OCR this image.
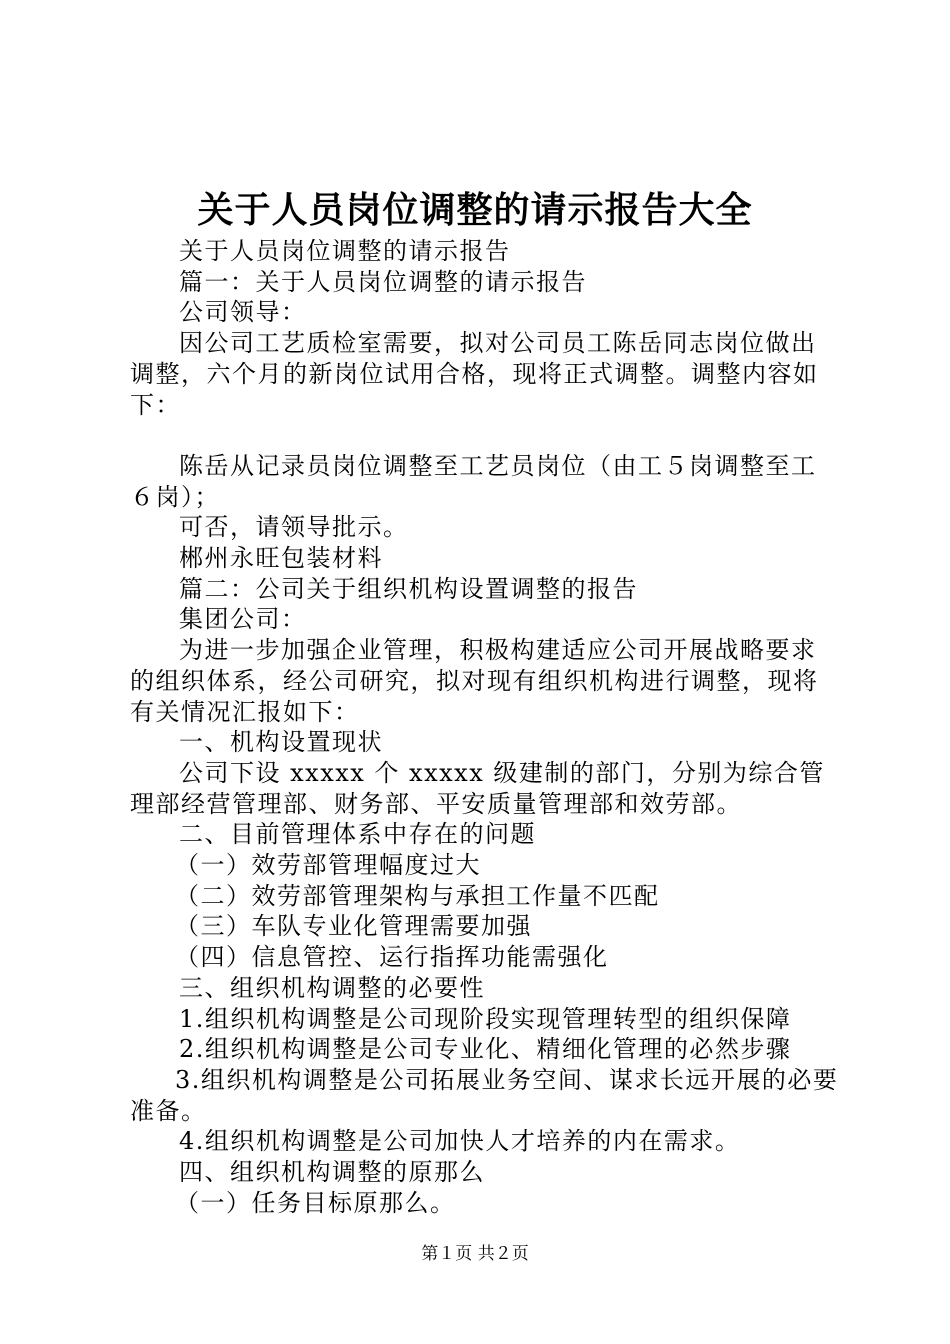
关于人员岗位调整的请示报告大全

关于人员岗位调整的请示报告

篇一：关于人员岗位调整的请示报告

公司领导：

因公司工艺质检室需要，拟对公司员工陈岳同志岗位做出调整，六个月的新岗位试用合格，现将正式调整。调整内容如下：

陈岳从记录员岗位调整至工艺员岗位（由工５岗调整至工６岗）；

可否，请领导批示。

郴州永旺包装材料

篇二：公司关于组织机构设置调整的报告

集团公司：

为进一步加强企业管理，积极构建适应公司开展战略要求的组织体系，经公司研究，拟对现有组织机构进行调整，现将有关情况汇报如下：

一、机构设置现状

公司下设 xxxxx 个 xxxxx 级建制的部门，分别为综合管理部经营管理部、财务部、平安质量管理部和效劳部。

二、目前管理体系中存在的问题

（一）效劳部管理幅度过大

（二）效劳部管理架构与承担工作量不匹配

（三）车队专业化管理需要加强

（四）信息管控、运行指挥功能需强化

三、组织机构调整的必要性

1.组织机构调整是公司现阶段实现管理转型的组织保障

2.组织机构调整是公司专业化、精细化管理的必然步骤

3.组织机构调整是公司拓展业务空间、谋求长远开展的必要准备。

4.组织机构调整是公司加快人才培养的内在需求。

四、组织机构调整的原那么

（一）任务目标原那么。

第１页 共２页
